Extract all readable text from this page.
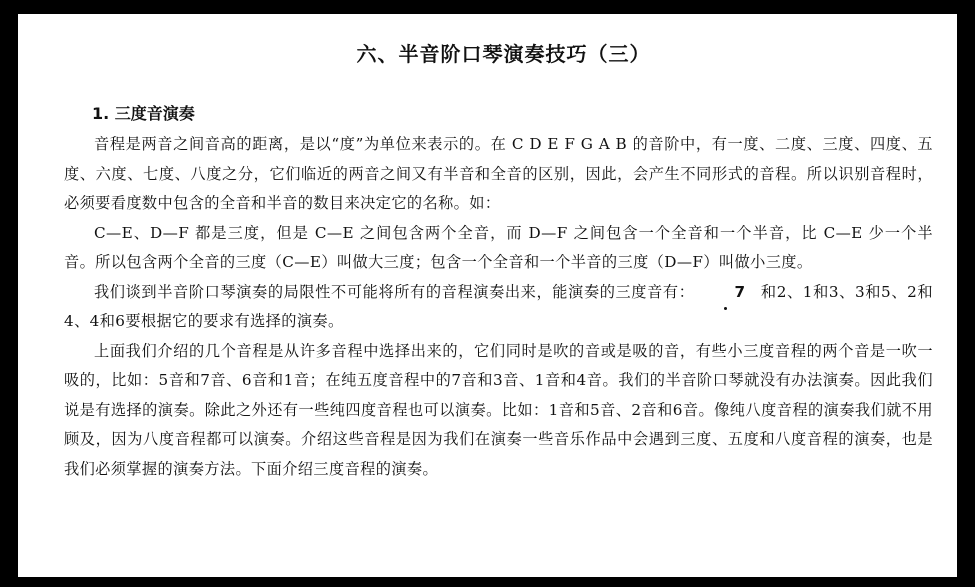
六、半音阶口琴演奏技巧（三）
1. 三度音演奏

音程是两音之间音高的距离，是以“度”为单位来表示的。在 C D E F G A B 的音阶中，有一度、二度、三度、四度、五度、六度、七度、八度之分，它们临近的两音之间又有半音和全音的区别，因此，会产生不同形式的音程。所以识别音程时，必须要看度数中包含的全音和半音的数目来决定它的名称。如：

C—E、D—F 都是三度，但是 C—E 之间包含两个全音，而 D—F 之间包含一个全音和一个半音，比 C—E 少一个半音。所以包含两个全音的三度（C—E）叫做大三度；包含一个全音和一个半音的三度（D—F）叫做小三度。

我们谈到半音阶口琴演奏的局限性不可能将所有的音程演奏出来，能演奏的三度音有：	7 和2、1和3、3和5、2和4、4和6要根据它的要求有选择的演奏。

上面我们介绍的几个音程是从许多音程中选择出来的，它们同时是吹的音或是吸的音，有些小三度音程的两个音是一吹一吸的，比如：5音和7音、6音和1音；在纯五度音程中的7音和3音、1音和4音。我们的半音阶口琴就没有办法演奏。因此我们说是有选择的演奏。除此之外还有一些纯四度音程也可以演奏。比如：1音和5音、2音和6音。像纯八度音程的演奏我们就不用顾及，因为八度音程都可以演奏。介绍这些音程是因为我们在演奏一些音乐作品中会遇到三度、五度和八度音程的演奏，也是我们必须掌握的演奏方法。下面介绍三度音程的演奏。
